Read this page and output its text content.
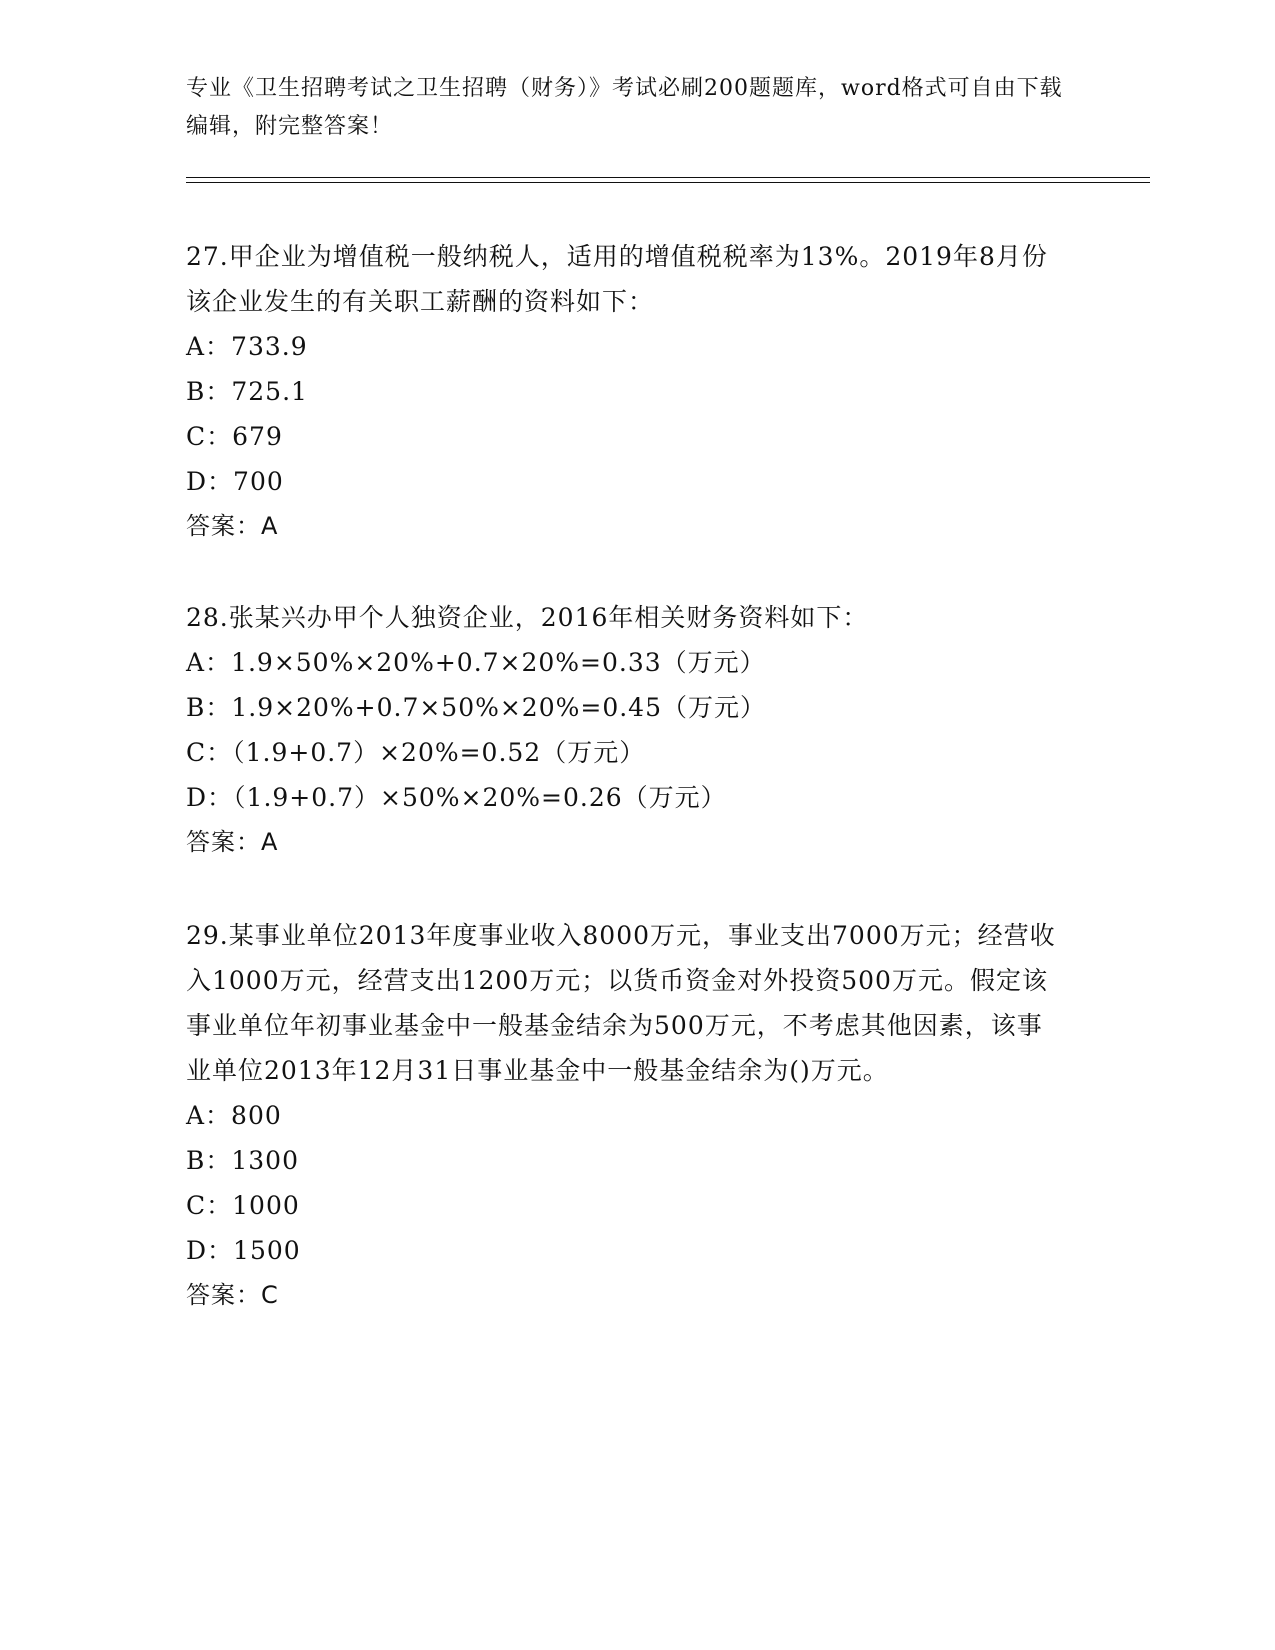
专业《卫生招聘考试之卫生招聘（财务）》考试必刷200题题库，word格式可自由下载编辑，附完整答案！

27.甲企业为增值税一般纳税人，适用的增值税税率为13%。2019年8月份该企业发生的有关职工薪酬的资料如下：

A：733.9

B：725.1

C：679

D：700

答案：A

28.张某兴办甲个人独资企业，2016年相关财务资料如下：

A：1.9×50%×20%+0.7×20%=0.33（万元）

B：1.9×20%+0.7×50%×20%=0.45（万元）

C：（1.9+0.7）×20%=0.52（万元）

D：（1.9+0.7）×50%×20%=0.26（万元）

答案：A

29.某事业单位2013年度事业收入8000万元，事业支出7000万元；经营收入1000万元，经营支出1200万元；以货币资金对外投资500万元。假定该事业单位年初事业基金中一般基金结余为500万元，不考虑其他因素，该事业单位2013年12月31日事业基金中一般基金结余为()万元。

A：800

B：1300

C：1000

D：1500

答案：C
